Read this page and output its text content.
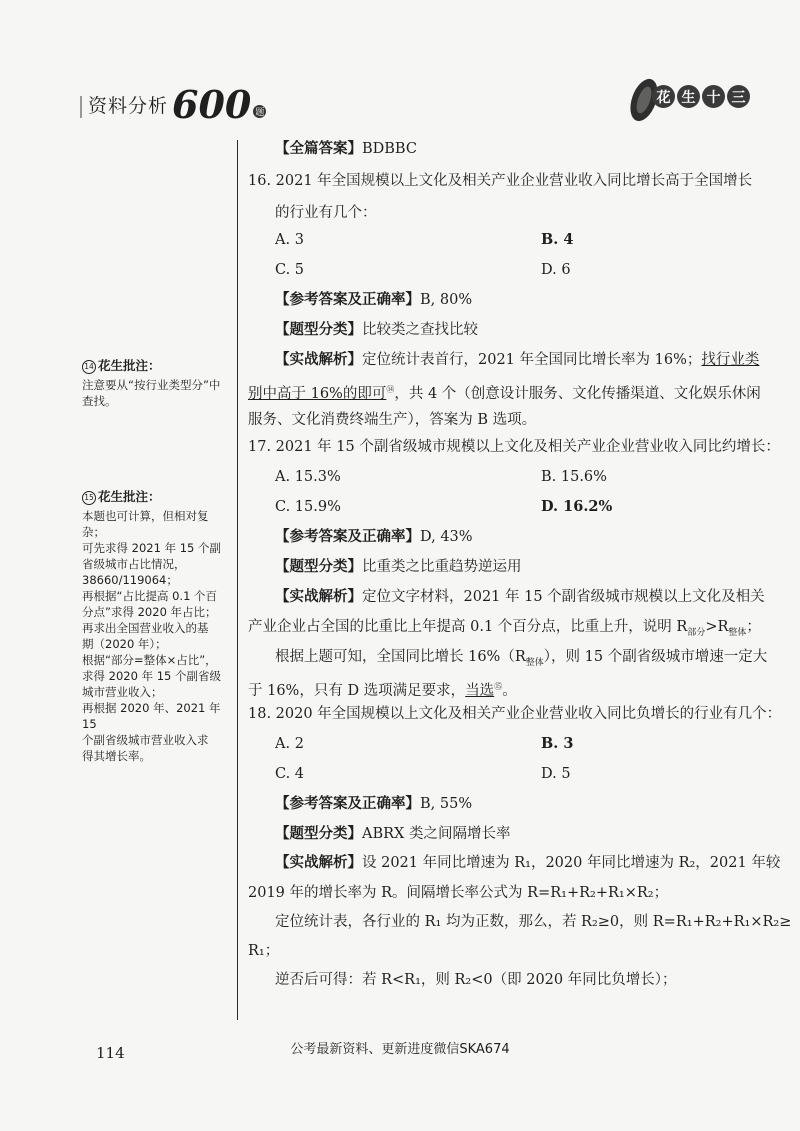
资料分析 600 题
花 生 十 三
14 花生批注：
注意要从“按行业类型分”中查找。
15 花生批注：
本题也可计算，但相对复杂；
可先求得 2021 年 15 个副
省级城市占比情况，
38660/119064；
再根据“占比提高 0.1 个百
分点”求得 2020 年占比；
再求出全国营业收入的基
期（2020 年）；
根据“部分=整体×占比”，
求得 2020 年 15 个副省级
城市营业收入；
再根据 2020 年、2021 年 15
个副省级城市营业收入求
得其增长率。
【全篇答案】BDBBC
16. 2021 年全国规模以上文化及相关产业企业营业收入同比增长高于全国增长
的行业有几个：
A. 3	B. 4
C. 5	D. 6
【参考答案及正确率】B, 80%
【题型分类】比较类之查找比较
【实战解析】定位统计表首行，2021 年全国同比增长率为 16%；找行业类
别中高于 16%的即可⑭，共 4 个（创意设计服务、文化传播渠道、文化娱乐休闲
服务、文化消费终端生产），答案为 B 选项。
17. 2021 年 15 个副省级城市规模以上文化及相关产业企业营业收入同比约增长：
A. 15.3%	B. 15.6%
C. 15.9%	D. 16.2%
【参考答案及正确率】D, 43%
【题型分类】比重类之比重趋势逆运用
【实战解析】定位文字材料，2021 年 15 个副省级城市规模以上文化及相关
产业企业占全国的比重比上年提高 0.1 个百分点，比重上升，说明 $R_{部分}>R_{整体}$；
根据上题可知，全国同比增长 $16\%(R_{整体})$，则 15 个副省级城市增速一定大
于 16%，只有 D 选项满足要求，当选⑮。
18. 2020 年全国规模以上文化及相关产业企业营业收入同比负增长的行业有几个：
A. 2	B. 3
C. 4	D. 5
【参考答案及正确率】B, 55%
【题型分类】ABRX 类之间隔增长率
【实战解析】设 2021 年同比增速为 R₁，2020 年同比增速为 R₂，2021 年较
2019 年的增长率为 R。间隔增长率公式为 R=R₁+R₂+R₁×R₂；
定位统计表，各行业的 R₁ 均为正数，那么，若 R₂≥0，则 R=R₁+R₂+R₁×R₂≥
R₁；
逆否后可得：若 R<R₁，则 R₂<0（即 2020 年同比负增长）；
114	公考最新资料、更新进度微信SKA674
